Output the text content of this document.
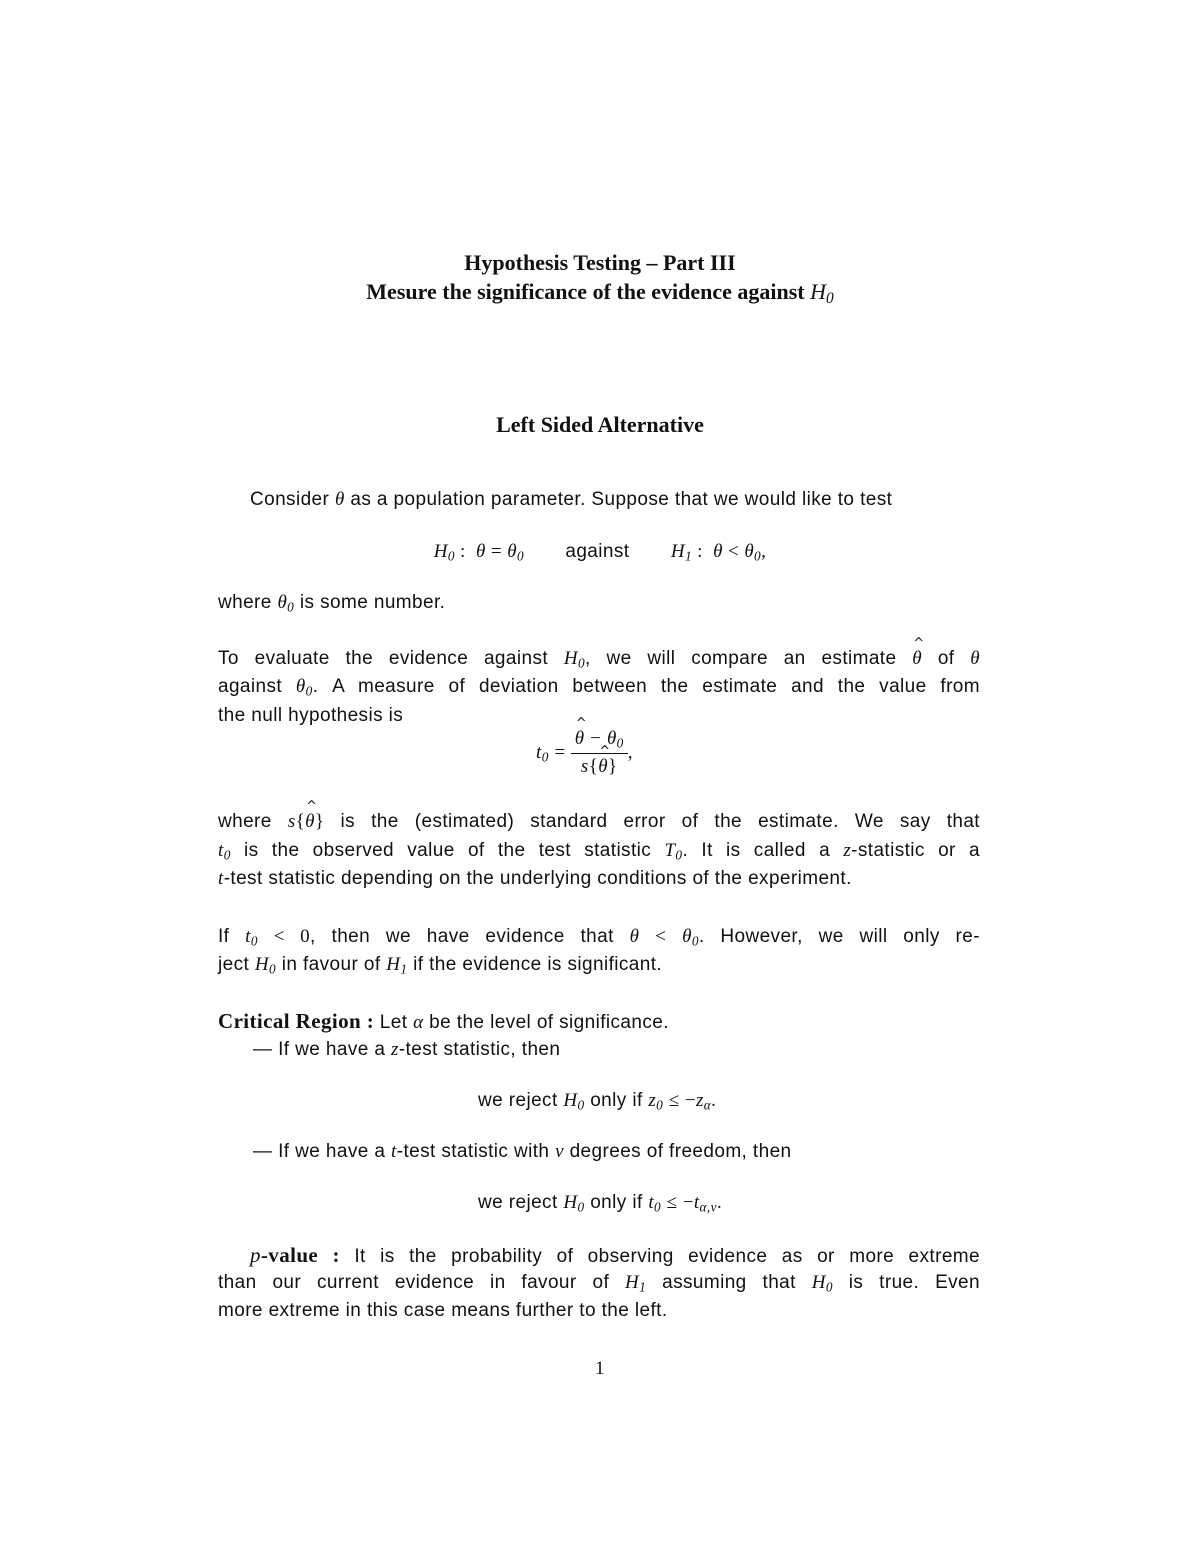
Hypothesis Testing – Part III
Mesure the significance of the evidence against $H_0$
Left Sided Alternative
Consider θ as a population parameter. Suppose that we would like to test
$H_0$ :  $\theta = \theta_0$ against $H_1$ :  $\theta < \theta_0$,
where $\theta_0$ is some number.
To evaluate the evidence against $H_0$, we will compare an estimate ^ θ of θ
against $\theta_0$. A measure of deviation between the estimate and the value from
the null hypothesis is
$t_0$ = ^ $\frac{\theta - \theta_0}{s\{\^{} \theta\}}$ ,
where s{^ θ} is the (estimated) standard error of the estimate. We say that
$t_0$ is the observed value of the test statistic $T_0$. It is called a z-statistic or a
t-test statistic depending on the underlying conditions of the experiment.
If $t_0 < 0$, then we have evidence that $\theta < \theta_0$. However, we will only re-
ject $H_0$ in favour of $H_1$ if the evidence is significant.
Critical Region : Let α be the level of significance.
— If we have a z-test statistic, then
we reject $H_0$ only if $z_0 \le -z_\alpha$.
— If we have a t-test statistic with ν degrees of freedom, then
we reject $H_0$ only if $t_0 \le -t_{\alpha,\nu}$.
p-value : It is the probability of observing evidence as or more extreme
than our current evidence in favour of $H_1$ assuming that $H_0$ is true. Even
more extreme in this case means further to the left.
1
